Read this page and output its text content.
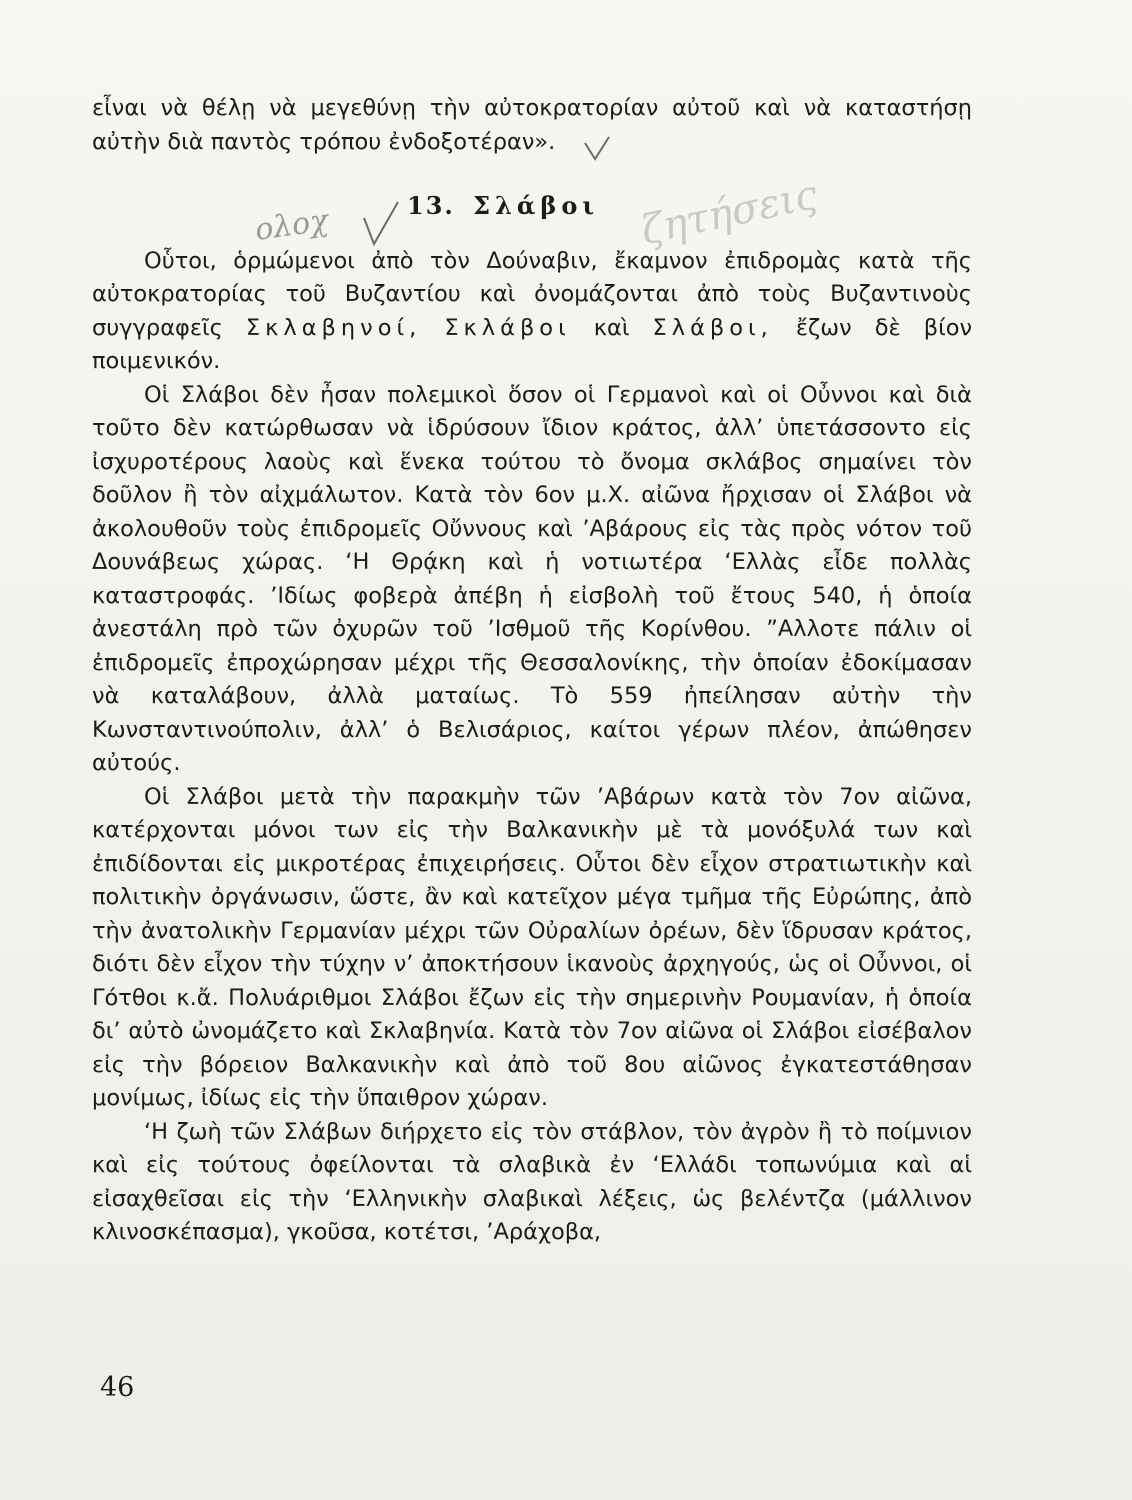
ολοχ	ζητήσεις

εἶναι νὰ θέλῃ νὰ μεγεθύνῃ τὴν αὐτοκρατορίαν αὐτοῦ καὶ νὰ καταστήσῃ αὐτὴν διὰ παντὸς τρόπου ἐνδοξοτέραν».

13. Σλάβοι

Οὗτοι, ὁρμώμενοι ἀπὸ τὸν Δούναβιν, ἔκαμνον ἐπιδρομὰς κατὰ τῆς αὐτοκρατορίας τοῦ Βυζαντίου καὶ ὀνομάζονται ἀπὸ τοὺς Βυζαντινοὺς συγγραφεῖς Σκλαβηνοί, Σκλάβοι καὶ Σλάβοι, ἔζων δὲ βίον ποιμενικόν.

Οἱ Σλάβοι δὲν ἦσαν πολεμικοὶ ὅσον οἱ Γερμανοὶ καὶ οἱ Οὖννοι καὶ διὰ τοῦτο δὲν κατώρθωσαν νὰ ἱδρύσουν ἴδιον κράτος, ἀλλ’ ὑπετάσσοντο εἰς ἰσχυροτέρους λαοὺς καὶ ἕνεκα τούτου τὸ ὄνομα σκλάβος σημαίνει τὸν δοῦλον ἢ τὸν αἰχμάλωτον. Κατὰ τὸν 6ον μ.Χ. αἰῶνα ἤρχισαν οἱ Σλάβοι νὰ ἀκολουθοῦν τοὺς ἐπιδρομεῖς Οὔννους καὶ ’Αβάρους εἰς τὰς πρὸς νότον τοῦ Δουνάβεως χώρας. ‘Η Θρᾴκη καὶ ἡ νοτιωτέρα ‘Ελλὰς εἶδε πολλὰς καταστροφάς. ’Ιδίως φοβερὰ ἀπέβη ἡ εἰσβολὴ τοῦ ἔτους 540, ἡ ὁποία ἀνεστάλη πρὸ τῶν ὀχυρῶν τοῦ ’Ισθμοῦ τῆς Κορίνθου. ”Αλλοτε πάλιν οἱ ἐπιδρομεῖς ἐπροχώρησαν μέχρι τῆς Θεσσαλονίκης, τὴν ὁποίαν ἐδοκίμασαν νὰ καταλάβουν, ἀλλὰ ματαίως. Τὸ 559 ἠπείλησαν αὐτὴν τὴν Κωνσταντινούπολιν, ἀλλ’ ὁ Βελισάριος, καίτοι γέρων πλέον, ἀπώθησεν αὐτούς.

Οἱ Σλάβοι μετὰ τὴν παρακμὴν τῶν ’Αβάρων κατὰ τὸν 7ον αἰῶνα, κατέρχονται μόνοι των εἰς τὴν Βαλκανικὴν μὲ τὰ μονόξυλά των καὶ ἐπιδίδονται εἰς μικροτέρας ἐπιχειρήσεις. Οὗτοι δὲν εἶχον στρατιωτικὴν καὶ πολιτικὴν ὀργάνωσιν, ὥστε, ἂν καὶ κατεῖχον μέγα τμῆμα τῆς Εὐρώπης, ἀπὸ τὴν ἀνατολικὴν Γερμανίαν μέχρι τῶν Οὐραλίων ὀρέων, δὲν ἵδρυσαν κράτος, διότι δὲν εἶχον τὴν τύχην ν’ ἀποκτήσουν ἱκανοὺς ἀρχηγούς, ὡς οἱ Οὖννοι, οἱ Γότθοι κ.ἄ. Πολυάριθμοι Σλάβοι ἔζων εἰς τὴν σημερινὴν Ρουμανίαν, ἡ ὁποία δι’ αὐτὸ ὠνομάζετο καὶ Σκλαβηνία. Κατὰ τὸν 7ον αἰῶνα οἱ Σλάβοι εἰσέβαλον εἰς τὴν βόρειον Βαλκανικὴν καὶ ἀπὸ τοῦ 8ου αἰῶνος ἐγκατεστάθησαν μονίμως, ἰδίως εἰς τὴν ὕπαιθρον χώραν.

‘Η ζωὴ τῶν Σλάβων διήρχετο εἰς τὸν στάβλον, τὸν ἀγρὸν ἢ τὸ ποίμνιον καὶ εἰς τούτους ὀφείλονται τὰ σλαβικὰ ἐν ‘Ελλάδι τοπωνύμια καὶ αἱ εἰσαχθεῖσαι εἰς τὴν ‘Ελληνικὴν σλαβικαὶ λέξεις, ὡς βελέντζα (μάλλινον κλινοσκέπασμα), γκοῦσα, κοτέτσι, ’Αράχοβα,

46
